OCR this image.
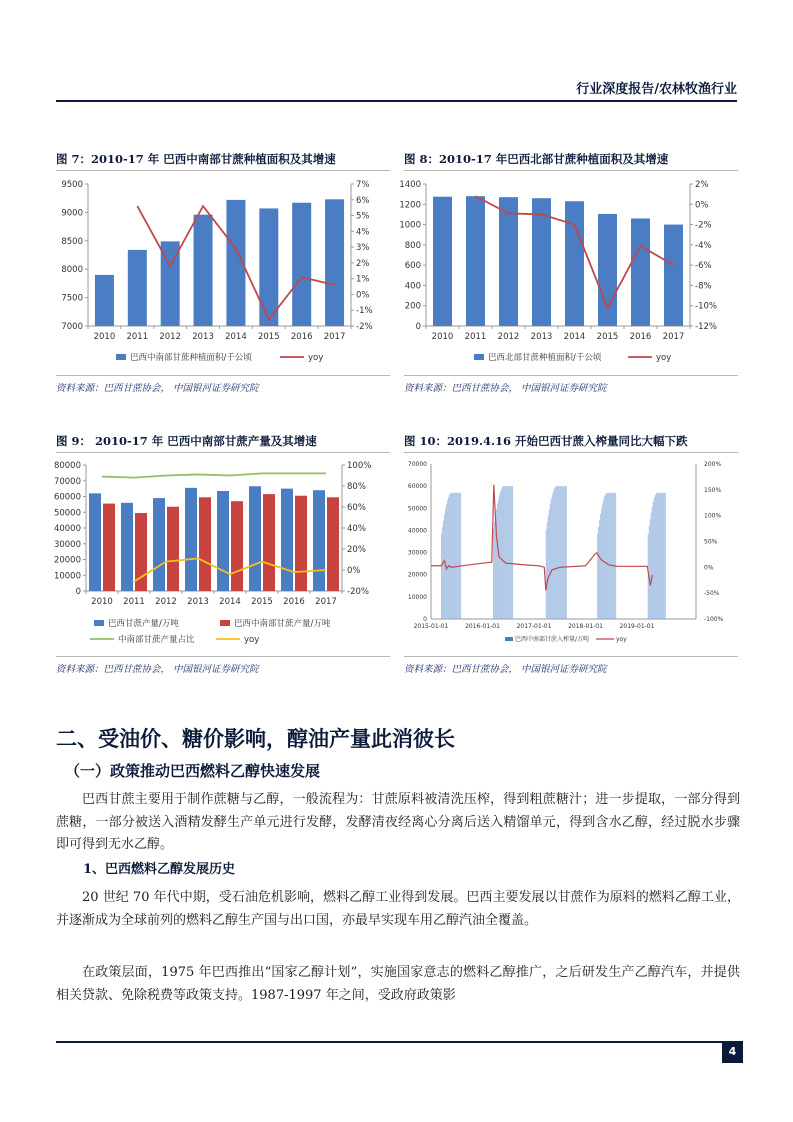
行业深度报告/农林牧渔行业
图 7：2010-17 年 巴西中南部甘蔗种植面积及其增速
9500
9000
8500
8000
7500
7000
7%
6%
5%
4%
3%
2%
1%
0%
-1%
-2%
2010 2011 2012 2013 2014 2015 2016 2017
巴西中南部甘蔗种植面积/千公顷	yoy
资料来源：巴西甘蔗协会， 中国银河证券研究院
图 8：2010-17 年巴西北部甘蔗种植面积及其增速
1400
1200
1000
800
600
400
200
0
2%
0%
-2%
-4%
-6%
-8%
-10%
-12%
2010 2011 2012 2013 2014 2015 2016 2017
巴西北部甘蔗种植面积/千公顷	yoy
资料来源：巴西甘蔗协会， 中国银河证券研究院
图 9： 2010-17 年 巴西中南部甘蔗产量及其增速
80000
70000
60000
50000
40000
30000
20000
10000
0
100%
80%
60%
40%
20%
0%
-20%
2010 2011 2012 2013 2014 2015 2016 2017
巴西甘蔗产量/万吨	巴西中南部甘蔗产量/万吨
中南部甘蔗产量占比	yoy
资料来源：巴西甘蔗协会， 中国银河证券研究院
图 10：2019.4.16 开始巴西甘蔗入榨量同比大幅下跌
70000
60000
50000
40000
30000
20000
10000
0
200%
150%
100%
50%
0%
-50%
-100%
2015-01-01	2016-01-01	2017-01-01	2018-01-01	2019-01-01
巴西中南部甘蔗入榨量/万吨	yoy
资料来源：巴西甘蔗协会， 中国银河证券研究院
二、受油价、糖价影响，醇油产量此消彼长
（一）政策推动巴西燃料乙醇快速发展
巴西甘蔗主要用于制作蔗糖与乙醇，一般流程为：甘蔗原料被清洗压榨，得到粗蔗糖汁；进一步提取，一部分得到蔗糖，一部分被送入酒精发酵生产单元进行发酵，发酵清夜经离心分离后送入精馏单元，得到含水乙醇，经过脱水步骤即可得到无水乙醇。
1、巴西燃料乙醇发展历史
20 世纪 70 年代中期，受石油危机影响，燃料乙醇工业得到发展。巴西主要发展以甘蔗作为原料的燃料乙醇工业，并逐渐成为全球前列的燃料乙醇生产国与出口国，亦最早实现车用乙醇汽油全覆盖。
在政策层面，1975 年巴西推出“国家乙醇计划”，实施国家意志的燃料乙醇推广，之后研发生产乙醇汽车，并提供相关贷款、免除税费等政策支持。1987-1997 年之间，受政府政策影
4
